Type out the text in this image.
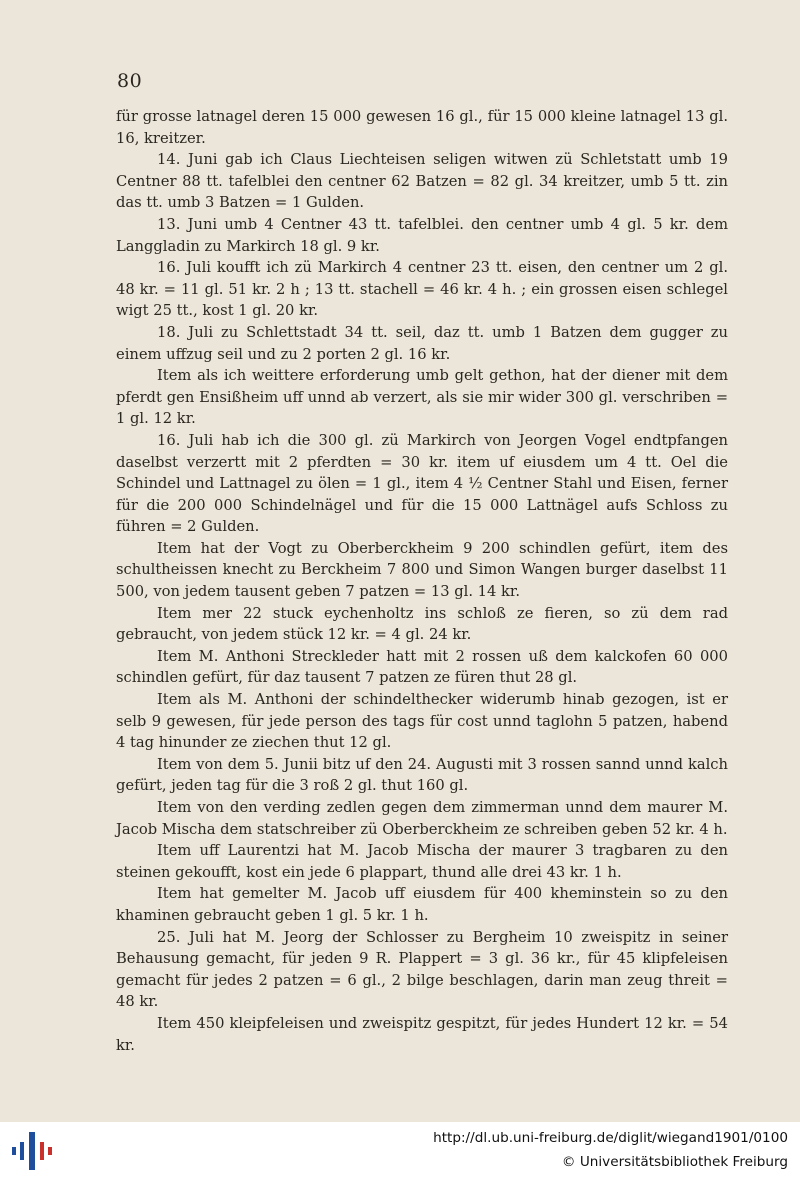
80

für grosse latnagel deren 15 000 gewesen 16 gl., für 15 000 kleine latnagel 13 gl. 16, kreitzer.

14. Juni gab ich Claus Liechteisen seligen witwen zü Schletstatt umb 19 Centner 88 tt. tafelblei den centner 62 Batzen = 82 gl. 34 kreitzer, umb 5 tt. zin das tt. umb 3 Batzen = 1 Gulden.

13. Juni umb 4 Centner 43 tt. tafelblei. den centner umb 4 gl. 5 kr. dem Langgladin zu Markirch 18 gl. 9 kr.

16. Juli koufft ich zü Markirch 4 centner 23 tt. eisen, den centner um 2 gl. 48 kr. = 11 gl. 51 kr. 2 h ; 13 tt. stachell = 46 kr. 4 h. ; ein grossen eisen schlegel wigt 25 tt., kost 1 gl. 20 kr.

18. Juli zu Schlettstadt 34 tt. seil, daz tt. umb 1 Batzen dem gugger zu einem uffzug seil und zu 2 porten 2 gl. 16 kr.

Item als ich weittere erforderung umb gelt gethon, hat der diener mit dem pferdt gen Ensißheim uff unnd ab verzert, als sie mir wider 300 gl. verschriben = 1 gl. 12 kr.

16. Juli hab ich die 300 gl. zü Markirch von Jeorgen Vogel endtpfangen daselbst verzertt mit 2 pferdten = 30 kr. item uf eiusdem um 4 tt. Oel die Schindel und Lattnagel zu ölen = 1 gl., item 4 ½ Centner Stahl und Eisen, ferner für die 200 000 Schindelnägel und für die 15 000 Lattnägel aufs Schloss zu führen = 2 Gulden.

Item hat der Vogt zu Oberberckheim 9 200 schindlen gefürt, item des schultheissen knecht zu Berckheim 7 800 und Simon Wangen burger daselbst 11 500, von jedem tausent geben 7 patzen = 13 gl. 14 kr.

Item mer 22 stuck eychenholtz ins schloß ze fieren, so zü dem rad gebraucht, von jedem stück 12 kr. = 4 gl. 24 kr.

Item M. Anthoni Streckleder hatt mit 2 rossen uß dem kalckofen 60 000 schindlen gefürt, für daz tausent 7 patzen ze füren thut 28 gl.

Item als M. Anthoni der schindelthecker widerumb hinab gezogen, ist er selb 9 gewesen, für jede person des tags für cost unnd taglohn 5 patzen, habend 4 tag hinunder ze ziechen thut 12 gl.

Item von dem 5. Junii bitz uf den 24. Augusti mit 3 rossen sannd unnd kalch gefürt, jeden tag für die 3 roß 2 gl. thut 160 gl.

Item von den verding zedlen gegen dem zimmerman unnd dem maurer M. Jacob Mischa dem statschreiber zü Oberberckheim ze schreiben geben 52 kr. 4 h.

Item uff Laurentzi hat M. Jacob Mischa der maurer 3 tragbaren zu den steinen gekoufft, kost ein jede 6 plappart, thund alle drei 43 kr. 1 h.

Item hat gemelter M. Jacob uff eiusdem für 400 kheminstein so zu den khaminen gebraucht geben 1 gl. 5 kr. 1 h.

25. Juli hat M. Jeorg der Schlosser zu Bergheim 10 zweispitz in seiner Behausung gemacht, für jeden 9 R. Plappert = 3 gl. 36 kr., für 45 klipfeleisen gemacht für jedes 2 patzen = 6 gl., 2 bilge beschlagen, darin man zeug threit = 48 kr.

Item 450 kleipfeleisen und zweispitz gespitzt, für jedes Hundert 12 kr. = 54 kr.

http://dl.ub.uni-freiburg.de/diglit/wiegand1901/0100
© Universitätsbibliothek Freiburg
